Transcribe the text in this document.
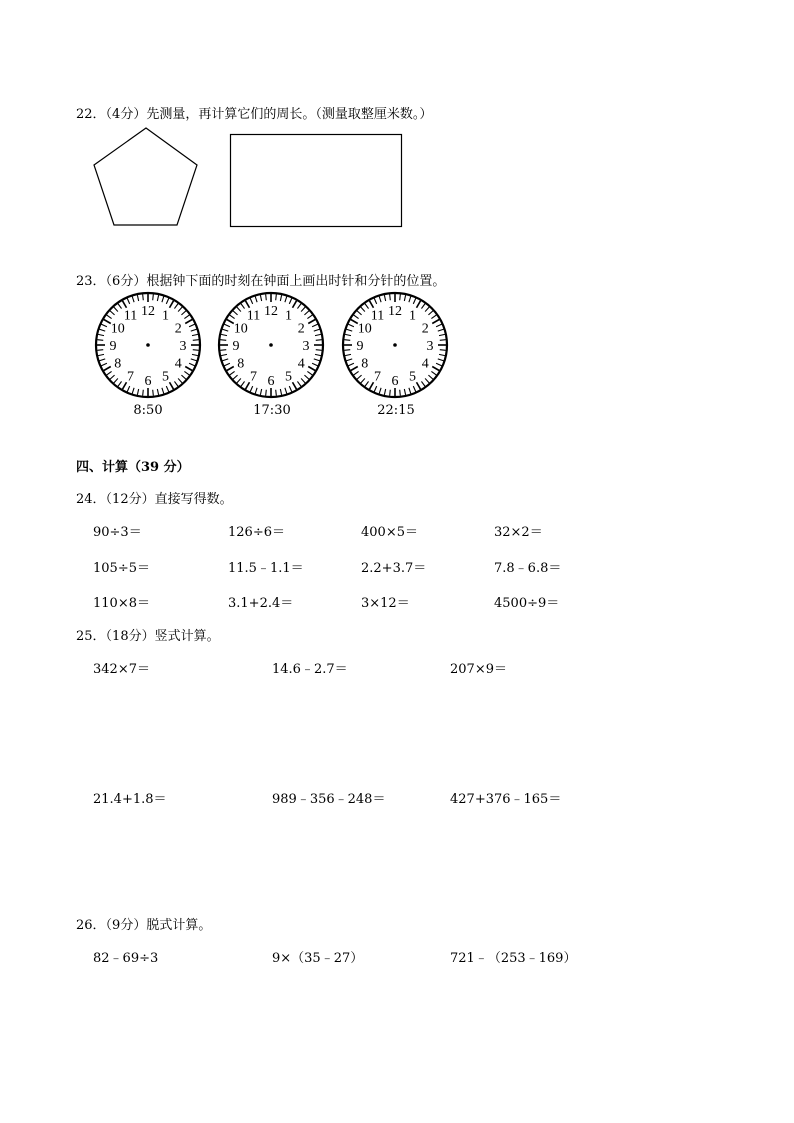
22．（4分）先测量，再计算它们的周长。（测量取整厘米数。）
23．（6分）根据钟下面的时刻在钟面上画出时针和分针的位置。
12 1
2
3
4
5
6
7
8
9
10
11	12 1
2
3
4
5
6
7
8
9
10
11	12 1
2
3
4
5
6
7
8
9
10
11
8:50	17:30	22:15
四、计算（39 分）
24．（12分）直接写得数。
90÷3＝	126÷6＝	400×5＝	32×2＝
105÷5＝	11.5﹣1.1＝	2.2+3.7＝	7.8﹣6.8＝
110×8＝	3.1+2.4＝	3×12＝	4500÷9＝
25．（18分）竖式计算。
342×7＝	14.6﹣2.7＝	207×9＝
21.4+1.8＝	989﹣356﹣248＝	427+376﹣165＝
26．（9分）脱式计算。
82﹣69÷3	9×（35﹣27）	721﹣（253﹣169）
